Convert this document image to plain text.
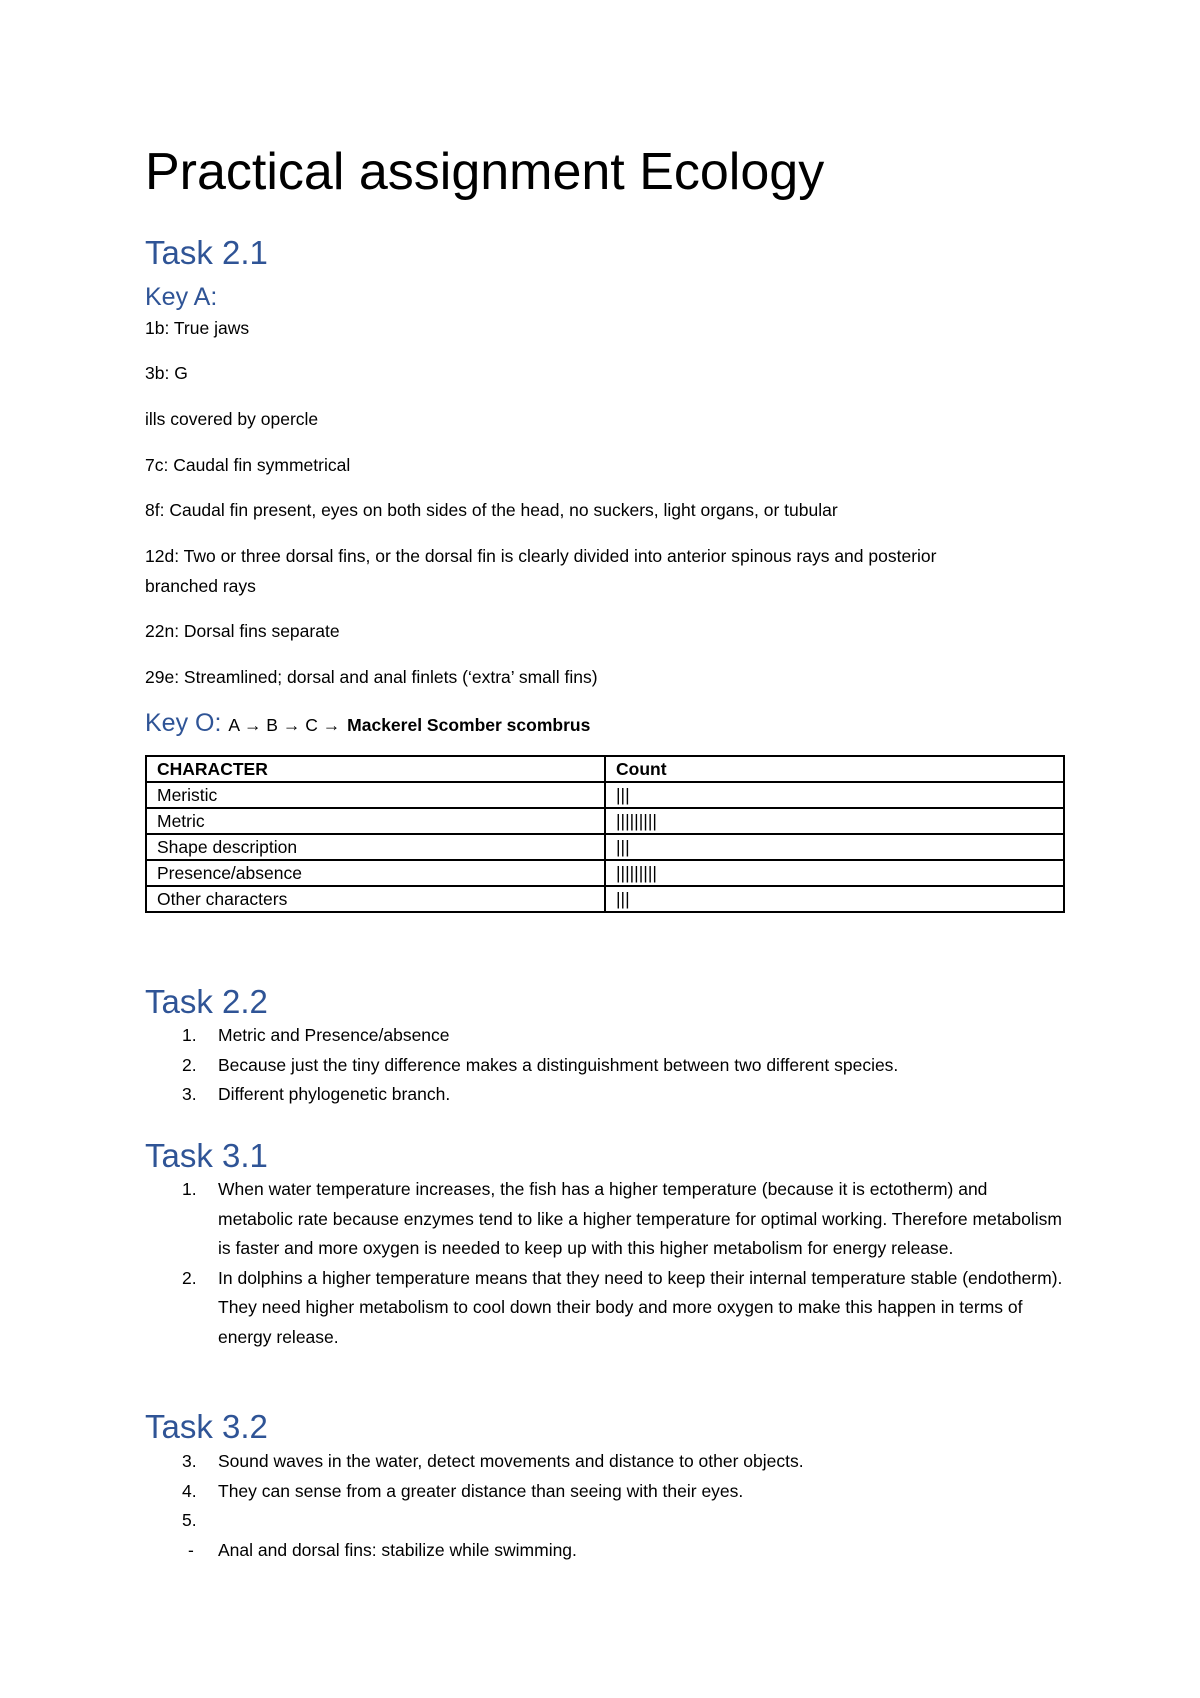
Practical assignment Ecology
Task 2.1
Key A:

1b: True jaws

3b: G

ills covered by opercle

7c: Caudal fin symmetrical

8f: Caudal fin present, eyes on both sides of the head, no suckers, light organs, or tubular

12d: Two or three dorsal fins, or the dorsal fin is clearly divided into anterior spinous rays and posterior branched rays

22n: Dorsal fins separate

29e: Streamlined; dorsal and anal finlets (‘extra’ small fins)

Key O: A → B → C → Mackerel Scomber scombrus
CHARACTER	Count
Meristic	|||
Metric	|||||||||
Shape description	|||
Presence/absence	|||||||||
Other characters	|||
Task 2.2
1. Metric and Presence/absence
2. Because just the tiny difference makes a distinguishment between two different species.
3. Different phylogenetic branch.
Task 3.1
1. When water temperature increases, the fish has a higher temperature (because it is ectotherm) and metabolic rate because enzymes tend to like a higher temperature for optimal working. Therefore metabolism is faster and more oxygen is needed to keep up with this higher metabolism for energy release.
2. In dolphins a higher temperature means that they need to keep their internal temperature stable (endotherm). They need higher metabolism to cool down their body and more oxygen to make this happen in terms of energy release.
Task 3.2
3. Sound waves in the water, detect movements and distance to other objects.
4. They can sense from a greater distance than seeing with their eyes.
5.
- Anal and dorsal fins: stabilize while swimming.
